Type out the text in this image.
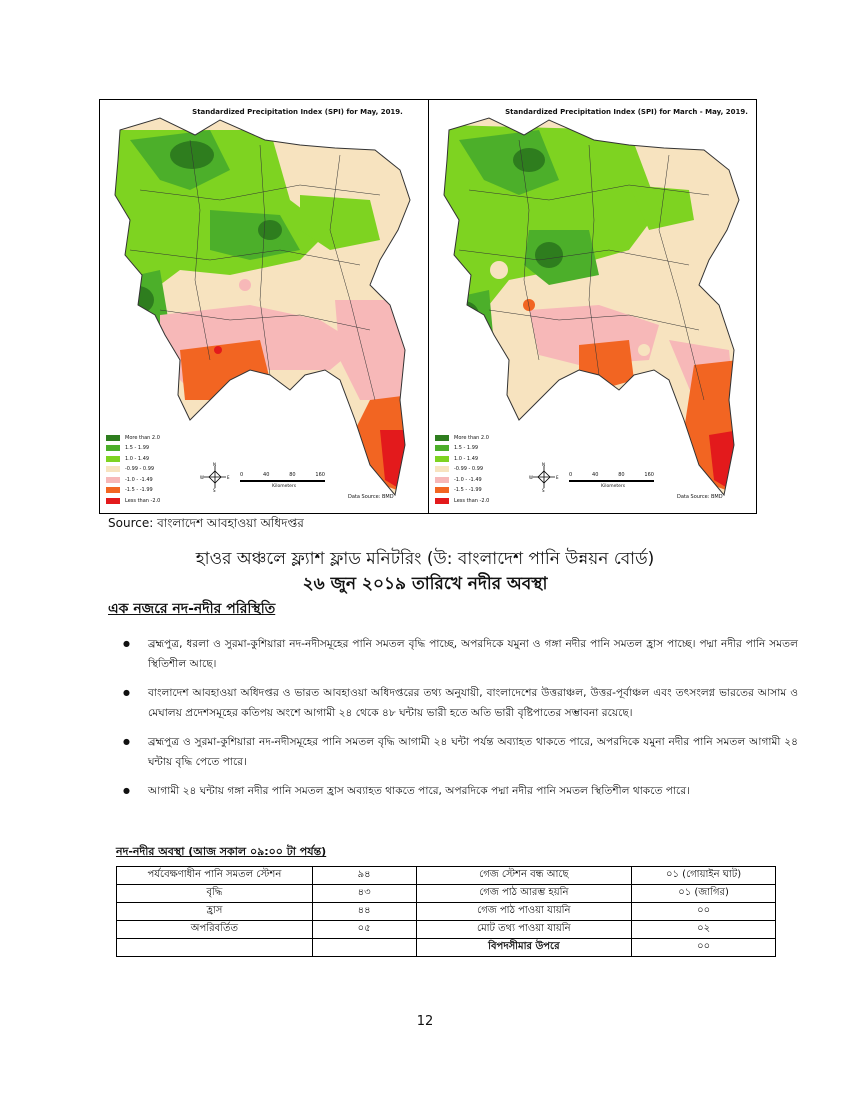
Standardized Precipitation Index (SPI) for May, 2019.
More than 2.0
1.5 - 1.99
1.0 - 1.49
-0.99 - 0.99
-1.0 - -1.49
-1.5 - -1.99
Less than -2.0
N
S
E
W	0	40	80	160
Kilometers
Data Source: BMD
Standardized Precipitation Index (SPI) for March - May, 2019.
More than 2.0
1.5 - 1.99
1.0 - 1.49
-0.99 - 0.99
-1.0 - -1.49
-1.5 - -1.99
Less than -2.0
N
S
E
W	0	40	80	160
Kilometers
Data Source: BMD
Source: বাংলাদেশ আবহাওয়া অধিদপ্তর
হাওর অঞ্চলে ফ্ল্যাশ ফ্লাড মনিটরিং (উ: বাংলাদেশ পানি উন্নয়ন বোর্ড)
২৬ জুন ২০১৯ তারিখে নদীর অবস্থা
এক নজরে নদ-নদীর পরিস্থিতি
● ব্রহ্মপুত্র, ধরলা ও সুরমা-কুশিয়ারা নদ-নদীসমূহের পানি সমতল বৃদ্ধি পাচ্ছে, অপরদিকে যমুনা ও গঙ্গা নদীর পানি সমতল হ্রাস পাচ্ছে। পদ্মা নদীর পানি সমতল স্থিতিশীল আছে।
● বাংলাদেশ আবহাওয়া অধিদপ্তর ও ভারত আবহাওয়া অধিদপ্তরের তথ্য অনুযায়ী, বাংলাদেশের উত্তরাঞ্চল, উত্তর-পূর্বাঞ্চল এবং তৎসংলগ্ন ভারতের আসাম ও মেঘালয় প্রদেশসমূহের কতিপয় অংশে আগামী ২৪ থেকে ৪৮ ঘন্টায় ভারী হতে অতি ভারী বৃষ্টিপাতের সম্ভাবনা রয়েছে।
● ব্রহ্মপুত্র ও সুরমা-কুশিয়ারা নদ-নদীসমূহের পানি সমতল বৃদ্ধি আগামী ২৪ ঘন্টা পর্যন্ত অব্যাহত থাকতে পারে, অপরদিকে যমুনা নদীর পানি সমতল আগামী ২৪ ঘন্টায় বৃদ্ধি পেতে পারে।
● আগামী ২৪ ঘন্টায় গঙ্গা নদীর পানি সমতল হ্রাস অব্যাহত থাকতে পারে, অপরদিকে পদ্মা নদীর পানি সমতল স্থিতিশীল থাকতে পারে।
নদ-নদীর অবস্থা (আজ সকাল ০৯:০০ টা পর্যন্ত)
পর্যবেক্ষণাধীন পানি সমতল স্টেশন	৯৪	গেজ স্টেশন বন্ধ আছে	০১ (গোয়াইন ঘাট)
বৃদ্ধি	৪৩	গেজ পাঠ আরম্ভ হয়নি	০১ (জাগির)
হ্রাস	৪৪	গেজ পাঠ পাওয়া যায়নি	০০
অপরিবর্তিত	০৫	মোট তথ্য পাওয়া যায়নি	০২
		বিপদসীমার উপরে	০০
12
